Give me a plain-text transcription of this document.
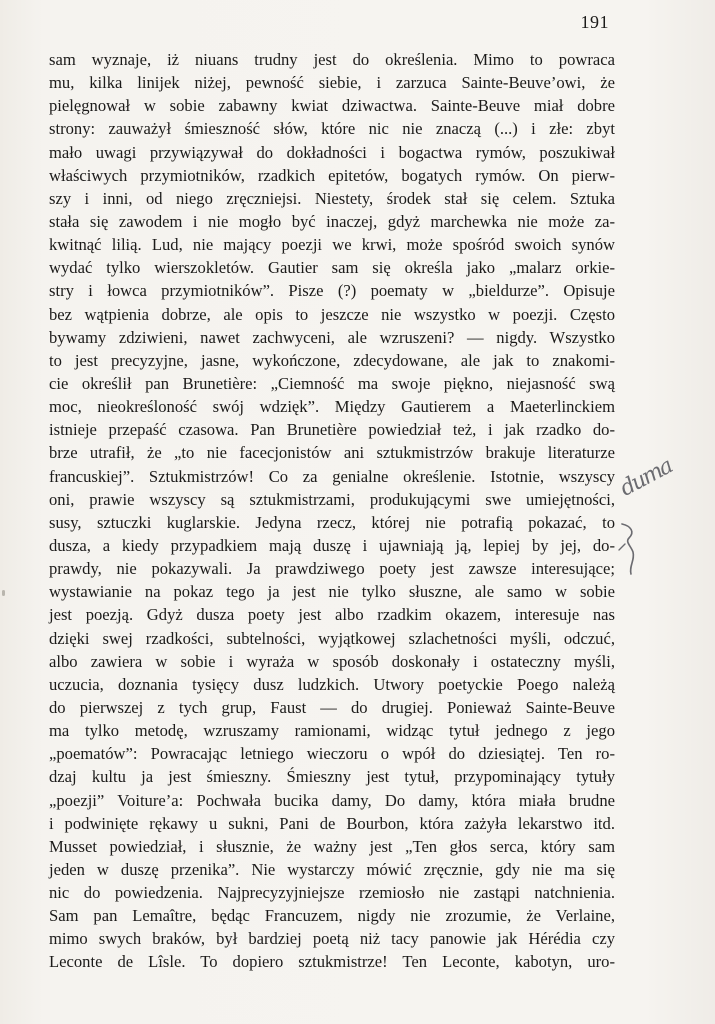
191
sam wyznaje, iż niuans trudny jest do określenia. Mimo to powraca
mu, kilka linijek niżej, pewność siebie, i zarzuca Sainte-Beuve’owi, że
pielęgnował w sobie zabawny kwiat dziwactwa. Sainte-Beuve miał dobre
strony: zauważył śmieszność słów, które nic nie znaczą (...) i złe: zbyt
mało uwagi przywiązywał do dokładności i bogactwa rymów, poszukiwał
właściwych przymiotników, rzadkich epitetów, bogatych rymów. On pierw-
szy i inni, od niego zręczniejsi. Niestety, środek stał się celem. Sztuka
stała się zawodem i nie mogło być inaczej, gdyż marchewka nie może za-
kwitnąć lilią. Lud, nie mający poezji we krwi, może spośród swoich synów
wydać tylko wierszokletów. Gautier sam się określa jako „malarz orkie-
stry i łowca przymiotników”. Pisze (?) poematy w „bieldurze”. Opisuje
bez wątpienia dobrze, ale opis to jeszcze nie wszystko w poezji. Często
bywamy zdziwieni, nawet zachwyceni, ale wzruszeni? — nigdy. Wszystko
to jest precyzyjne, jasne, wykończone, zdecydowane, ale jak to znakomi-
cie określił pan Brunetière: „Ciemność ma swoje piękno, niejasność swą
moc, nieokreśloność swój wdzięk”. Między Gautierem a Maeterlinckiem
istnieje przepaść czasowa. Pan Brunetière powiedział też, i jak rzadko do-
brze utrafił, że „to nie facecjonistów ani sztukmistrzów brakuje literaturze
francuskiej”. Sztukmistrzów! Co za genialne określenie. Istotnie, wszyscy
oni, prawie wszyscy są sztukmistrzami, produkującymi swe umiejętności,
susy, sztuczki kuglarskie. Jedyna rzecz, której nie potrafią pokazać, to
dusza, a kiedy przypadkiem mają duszę i ujawniają ją, lepiej by jej, do-
prawdy, nie pokazywali. Ja prawdziwego poety jest zawsze interesujące;
wystawianie na pokaz tego ja jest nie tylko słuszne, ale samo w sobie
jest poezją. Gdyż dusza poety jest albo rzadkim okazem, interesuje nas
dzięki swej rzadkości, subtelności, wyjątkowej szlachetności myśli, odczuć,
albo zawiera w sobie i wyraża w sposób doskonały i ostateczny myśli,
uczucia, doznania tysięcy dusz ludzkich. Utwory poetyckie Poego należą
do pierwszej z tych grup, Faust — do drugiej. Ponieważ Sainte-Beuve
ma tylko metodę, wzruszamy ramionami, widząc tytuł jednego z jego
„poematów”: Powracając letniego wieczoru o wpół do dziesiątej. Ten ro-
dzaj kultu ja jest śmieszny. Śmieszny jest tytuł, przypominający tytuły
„poezji” Voiture’a: Pochwała bucika damy, Do damy, która miała brudne
i podwinięte rękawy u sukni, Pani de Bourbon, która zażyła lekarstwo itd.
Musset powiedział, i słusznie, że ważny jest „Ten głos serca, który sam
jeden w duszę przenika”. Nie wystarczy mówić zręcznie, gdy nie ma się
nic do powiedzenia. Najprecyzyjniejsze rzemiosło nie zastąpi natchnienia.
Sam pan Lemaître, będąc Francuzem, nigdy nie zrozumie, że Verlaine,
mimo swych braków, był bardziej poetą niż tacy panowie jak Hérédia czy
Leconte de Lîsle. To dopiero sztukmistrze! Ten Leconte, kabotyn, uro-
duma
